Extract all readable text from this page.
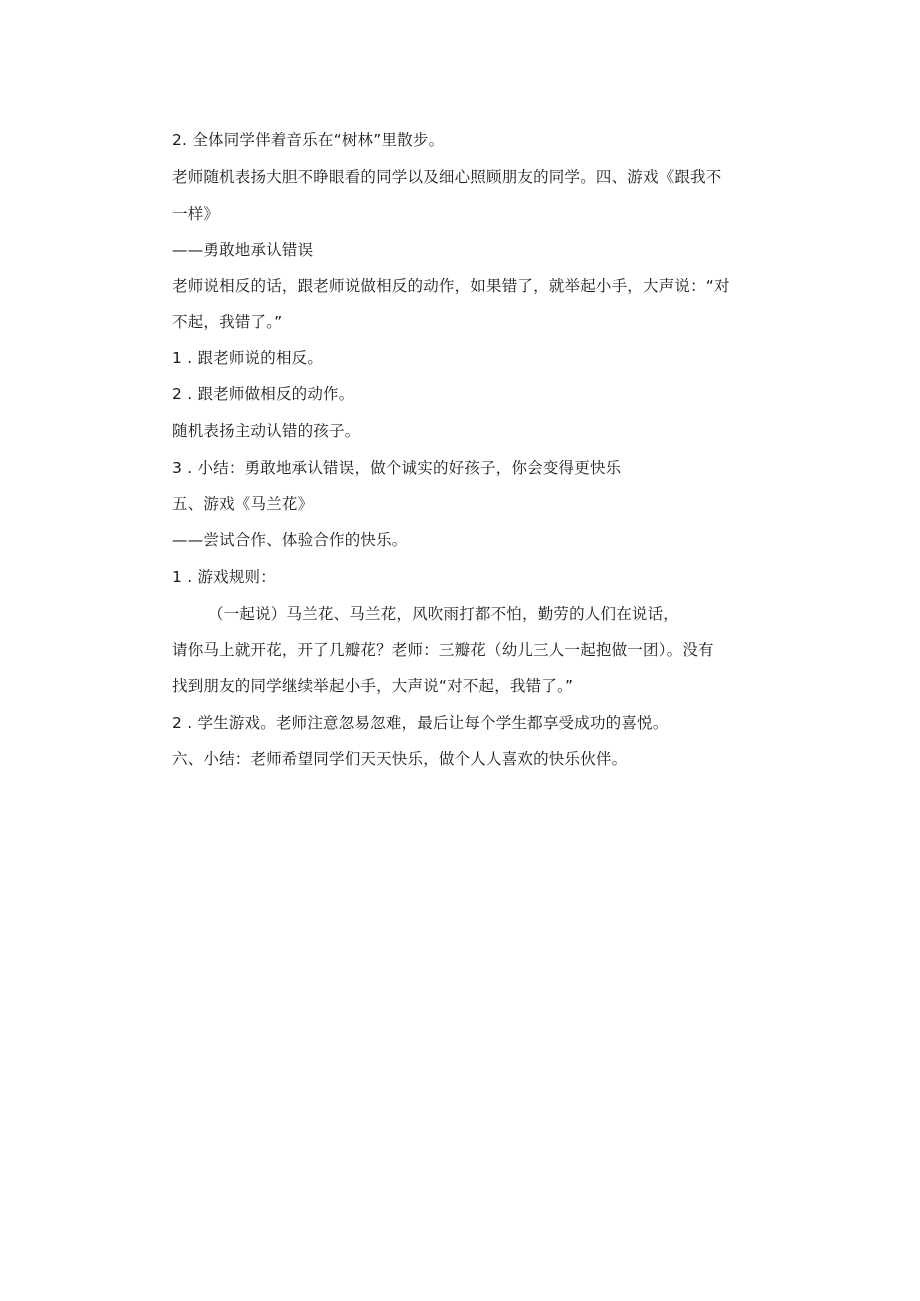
2. 全体同学伴着音乐在“树林”里散步。
老师随机表扬大胆不睁眼看的同学以及细心照顾朋友的同学。四、游戏《跟我不
一样》
——勇敢地承认错误
老师说相反的话，跟老师说做相反的动作，如果错了，就举起小手，大声说：“对
不起，我错了。”
1 . 跟老师说的相反。
2 . 跟老师做相反的动作。
随机表扬主动认错的孩子。
3 . 小结：勇敢地承认错误，做个诚实的好孩子，你会变得更快乐
五、游戏《马兰花》
——尝试合作、体验合作的快乐。
1 . 游戏规则：
（一起说）马兰花、马兰花，风吹雨打都不怕，勤劳的人们在说话，
请你马上就开花，开了几瓣花？老师：三瓣花（幼儿三人一起抱做一团）。没有
找到朋友的同学继续举起小手，大声说“对不起，我错了。”
2 . 学生游戏。老师注意忽易忽难，最后让每个学生都享受成功的喜悦。
六、小结：老师希望同学们天天快乐，做个人人喜欢的快乐伙伴。
